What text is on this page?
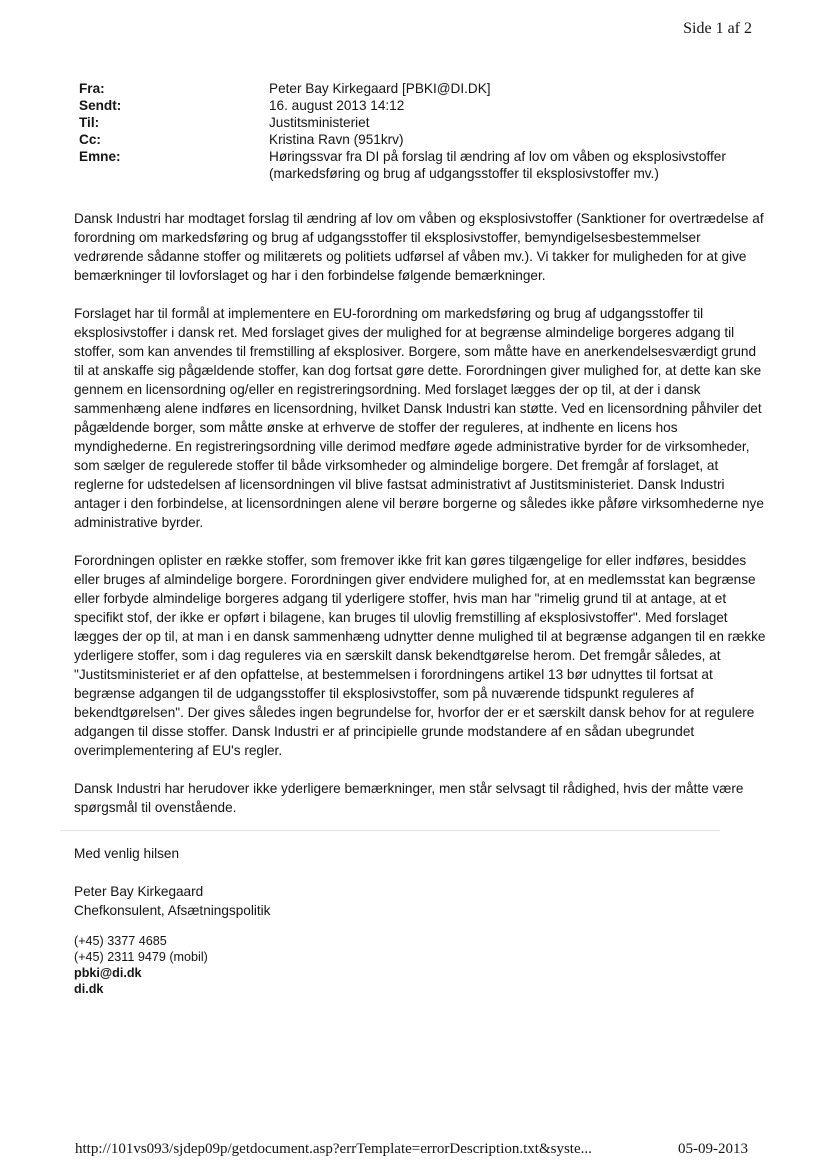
Side 1 af 2
Fra:	Peter Bay Kirkegaard [PBKI@DI.DK]
Sendt:	16. august 2013 14:12
Til:	Justitsministeriet
Cc:	Kristina Ravn (951krv)
Emne:	Høringssvar fra DI på forslag til ændring af lov om våben og eksplosivstoffer
(markedsføring og brug af udgangsstoffer til eksplosivstoffer mv.)

Dansk Industri har modtaget forslag til ændring af lov om våben og eksplosivstoffer (Sanktioner for overtrædelse af forordning om markedsføring og brug af udgangsstoffer til eksplosivstoffer, bemyndigelsesbestemmelser vedrørende sådanne stoffer og militærets og politiets udførsel af våben mv.). Vi takker for muligheden for at give bemærkninger til lovforslaget og har i den forbindelse følgende bemærkninger.

Forslaget har til formål at implementere en EU-forordning om markedsføring og brug af udgangsstoffer til eksplosivstoffer i dansk ret. Med forslaget gives der mulighed for at begrænse almindelige borgeres adgang til stoffer, som kan anvendes til fremstilling af eksplosiver. Borgere, som måtte have en anerkendelsesværdigt grund til at anskaffe sig pågældende stoffer, kan dog fortsat gøre dette. Forordningen giver mulighed for, at dette kan ske gennem en licensordning og/eller en registreringsordning. Med forslaget lægges der op til, at der i dansk sammenhæng alene indføres en licensordning, hvilket Dansk Industri kan støtte. Ved en licensordning påhviler det pågældende borger, som måtte ønske at erhverve de stoffer der reguleres, at indhente en licens hos myndighederne. En registreringsordning ville derimod medføre øgede administrative byrder for de virksomheder, som sælger de regulerede stoffer til både virksomheder og almindelige borgere. Det fremgår af forslaget, at reglerne for udstedelsen af licensordningen vil blive fastsat administrativt af Justitsministeriet. Dansk Industri antager i den forbindelse, at licensordningen alene vil berøre borgerne og således ikke påføre virksomhederne nye administrative byrder.

Forordningen oplister en række stoffer, som fremover ikke frit kan gøres tilgængelige for eller indføres, besiddes eller bruges af almindelige borgere. Forordningen giver endvidere mulighed for, at en medlemsstat kan begrænse eller forbyde almindelige borgeres adgang til yderligere stoffer, hvis man har "rimelig grund til at antage, at et specifikt stof, der ikke er opført i bilagene, kan bruges til ulovlig fremstilling af eksplosivstoffer". Med forslaget lægges der op til, at man i en dansk sammenhæng udnytter denne mulighed til at begrænse adgangen til en række yderligere stoffer, som i dag reguleres via en særskilt dansk bekendtgørelse herom. Det fremgår således, at "Justitsministeriet er af den opfattelse, at bestemmelsen i forordningens artikel 13 bør udnyttes til fortsat at begrænse adgangen til de udgangsstoffer til eksplosivstoffer, som på nuværende tidspunkt reguleres af bekendtgørelsen". Der gives således ingen begrundelse for, hvorfor der er et særskilt dansk behov for at regulere adgangen til disse stoffer. Dansk Industri er af principielle grunde modstandere af en sådan ubegrundet overimplementering af EU's regler.

Dansk Industri har herudover ikke yderligere bemærkninger, men står selvsagt til rådighed, hvis der måtte være spørgsmål til ovenstående.

Med venlig hilsen
Peter Bay Kirkegaard
Chefkonsulent, Afsætningspolitik
(+45) 3377 4685
(+45) 2311 9479 (mobil)
pbki@di.dk
di.dk
http://101vs093/sjdep09p/getdocument.asp?errTemplate=errorDescription.txt&syste...	05-09-2013
